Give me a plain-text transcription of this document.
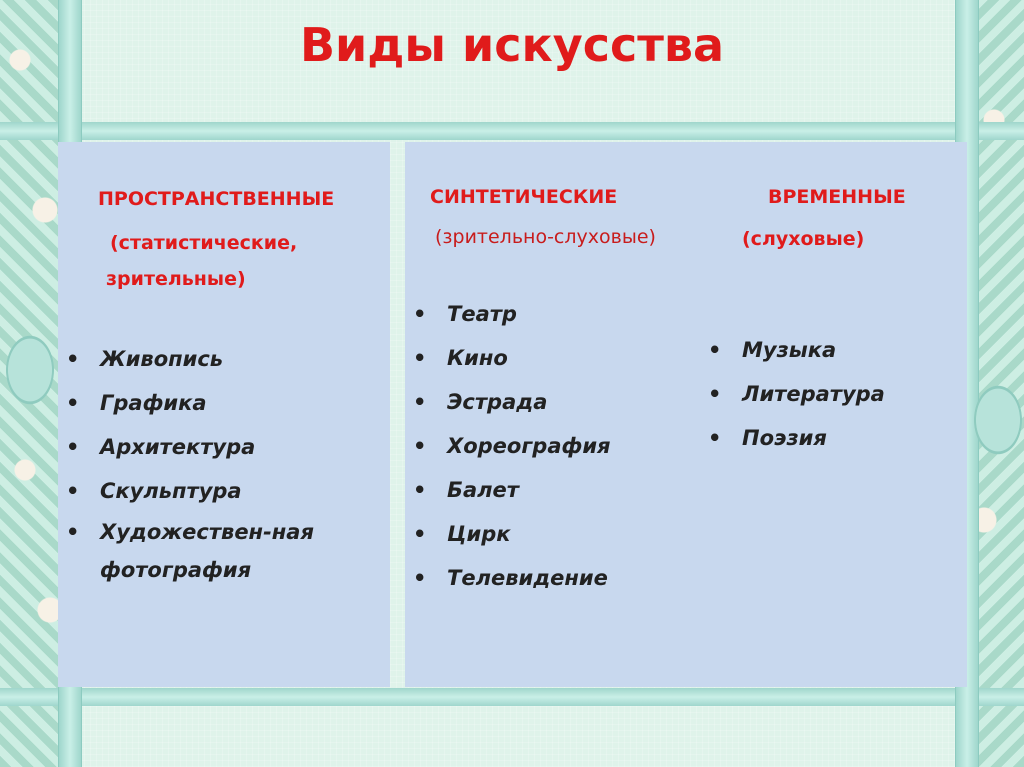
Виды искусства
ПРОСТРАНСТВЕННЫЕ
(статистические,
зрительные)
• Живопись
• Графика
• Архитектура
• Скульптура
• Художествен-ная
фотография
СИНТЕТИЧЕСКИЕ
(зрительно-слуховые)
• Театр
• Кино
• Эстрада
• Хореография
• Балет
• Цирк
• Телевидение
ВРЕМЕННЫЕ
(слуховые)
• Музыка
• Литература
• Поэзия
